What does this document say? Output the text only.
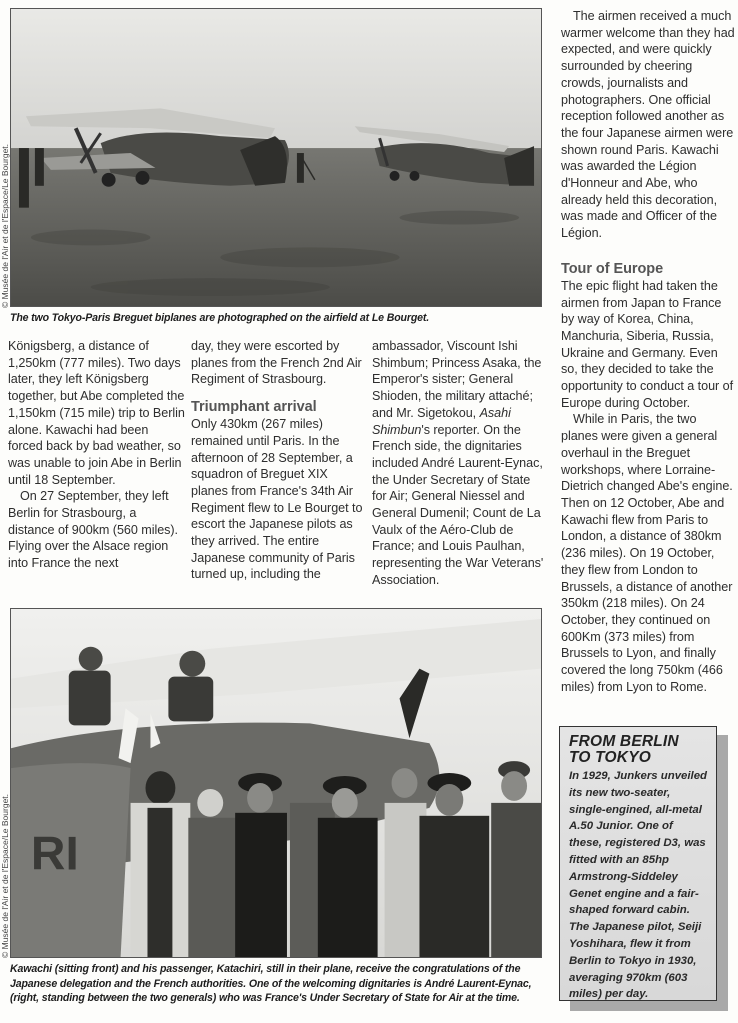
© Musée de l'Air et de l'Espace/Le Bourget.
The two Tokyo-Paris Breguet biplanes are photographed on the airfield at Le Bourget.

Königsberg, a distance of 1,250km (777 miles). Two days later, they left Königsberg together, but Abe completed the 1,150km (715 mile) trip to Berlin alone. Kawachi had been forced back by bad weather, so was unable to join Abe in Berlin until 18 September.

On 27 September, they left Berlin for Strasbourg, a distance of 900km (560 miles). Flying over the Alsace region into France the next

day, they were escorted by planes from the French 2nd Air Regiment of Strasbourg.

Triumphant arrival

Only 430km (267 miles) remained until Paris. In the afternoon of 28 September, a squadron of Breguet XIX planes from France's 34th Air Regiment flew to Le Bourget to escort the Japanese pilots as they arrived. The entire Japanese community of Paris turned up, including the

ambassador, Viscount Ishi Shimbum; Princess Asaka, the Emperor's sister; General Shioden, the military attaché; and Mr. Sigetokou, Asahi Shimbun's reporter. On the French side, the dignitaries included André Laurent-Eynac, the Under Secretary of State for Air; General Niessel and General Dumenil; Count de La Vaulx of the Aéro-Club de France; and Louis Paulhan, representing the War Veterans' Association.

The airmen received a much warmer welcome than they had expected, and were quickly surrounded by cheering crowds, journalists and photographers. One official reception followed another as the four Japanese airmen were shown round Paris. Kawachi was awarded the Légion d'Honneur and Abe, who already held this decoration, was made and Officer of the Légion.

Tour of Europe

The epic flight had taken the airmen from Japan to France by way of Korea, China, Manchuria, Siberia, Russia, Ukraine and Germany. Even so, they decided to take the opportunity to conduct a tour of Europe during October.

While in Paris, the two planes were given a general overhaul in the Breguet workshops, where Lorraine-Dietrich changed Abe's engine. Then on 12 October, Abe and Kawachi flew from Paris to London, a distance of 380km (236 miles). On 19 October, they flew from London to Brussels, a distance of another 350km (218 miles). On 24 October, they continued on 600Km (373 miles) from Brussels to Lyon, and finally covered the long 750km (466 miles) from Lyon to Rome.

RI
© Musée de l'Air et de l'Espace/Le Bourget.
Kawachi (sitting front) and his passenger, Katachiri, still in their plane, receive the congratulations of the Japanese delegation and the French authorities. One of the welcoming dignitaries is André Laurent-Eynac, (right, standing between the two generals) who was France's Under Secretary of State for Air at the time.
FROM BERLIN
TO TOKYO

In 1929, Junkers unveiled its new two-seater, single-engined, all-metal A.50 Junior. One of these, registered D3, was fitted with an 85hp Armstrong-Siddeley Genet engine and a fair-shaped forward cabin. The Japanese pilot, Seiji Yoshihara, flew it from Berlin to Tokyo in 1930, averaging 970km (603 miles) per day.
